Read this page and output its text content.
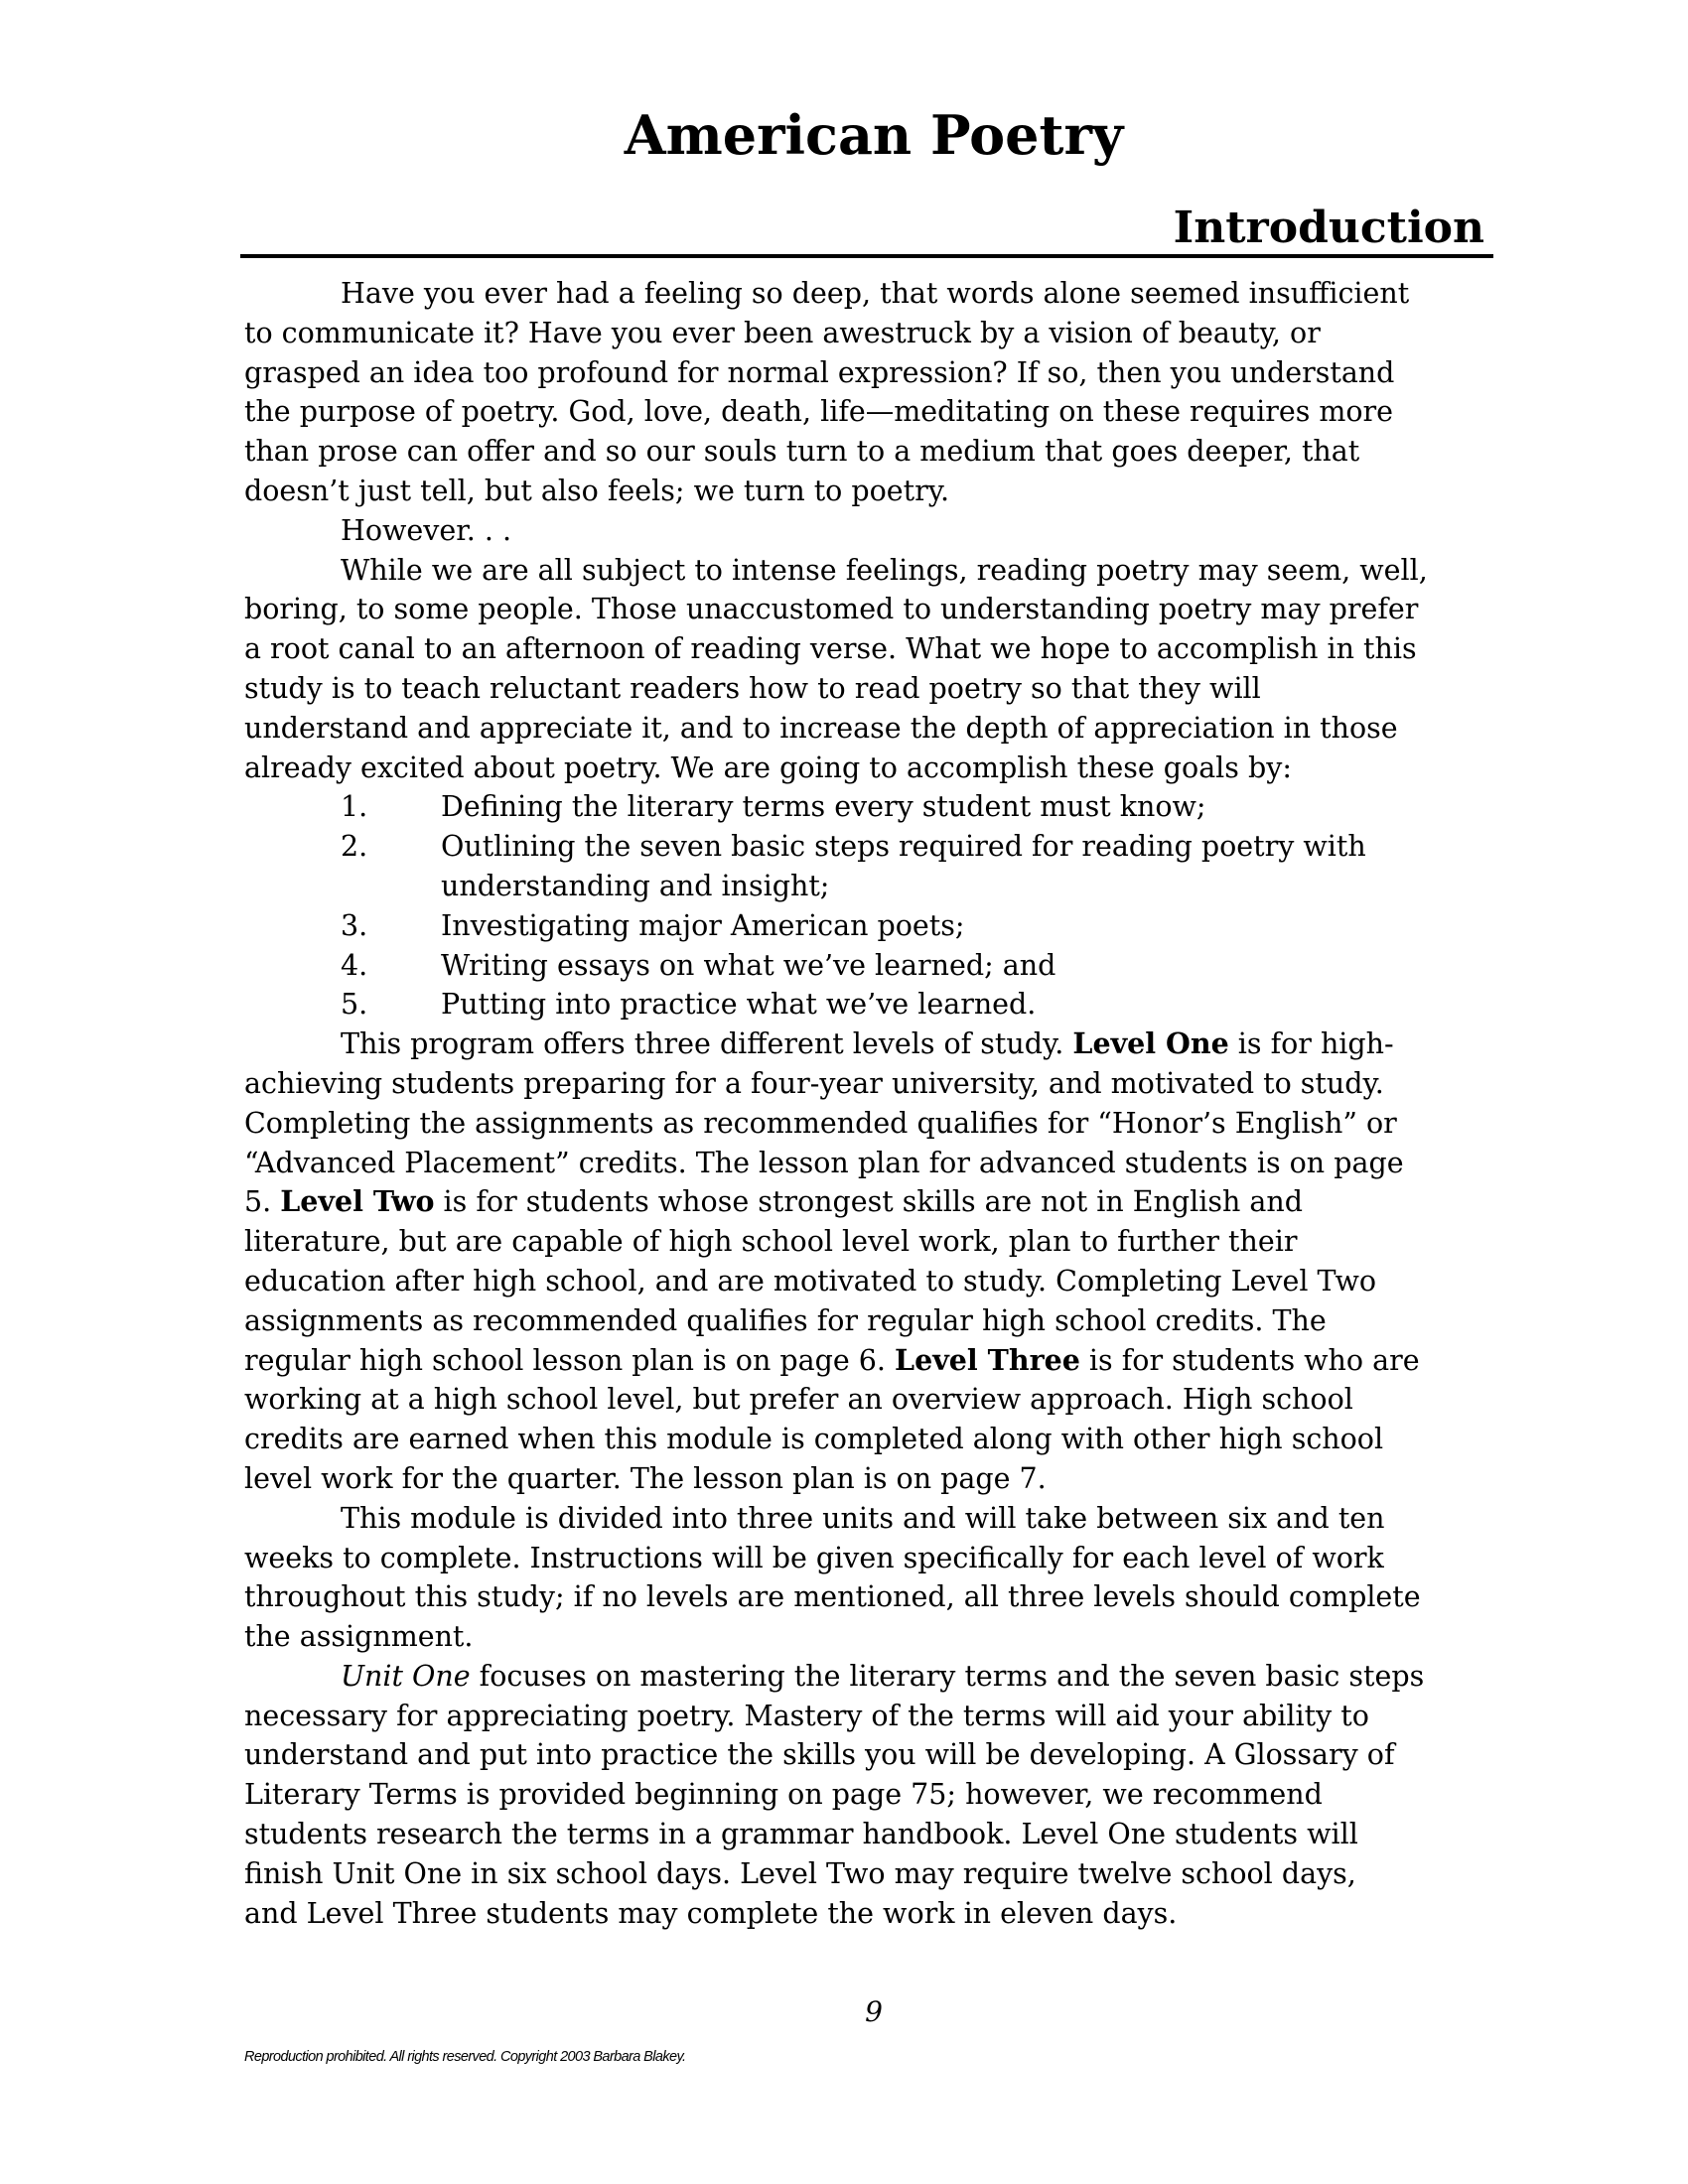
American Poetry
Introduction

Have you ever had a feeling so deep, that words alone seemed insufficient

to communicate it? Have you ever been awestruck by a vision of beauty, or

grasped an idea too profound for normal expression? If so, then you understand

the purpose of poetry. God, love, death, life—meditating on these requires more

than prose can offer and so our souls turn to a medium that goes deeper, that

doesn’t just tell, but also feels; we turn to poetry.

However. . .

While we are all subject to intense feelings, reading poetry may seem, well,

boring, to some people. Those unaccustomed to understanding poetry may prefer

a root canal to an afternoon of reading verse. What we hope to accomplish in this

study is to teach reluctant readers how to read poetry so that they will

understand and appreciate it, and to increase the depth of appreciation in those

already excited about poetry. We are going to accomplish these goals by:

1.	Defining the literary terms every student must know;
2.	Outlining the seven basic steps required for reading poetry with
understanding and insight;
3.	Investigating major American poets;
4.	Writing essays on what we’ve learned; and
5.	Putting into practice what we’ve learned.

This program offers three different levels of study. Level One is for high-

achieving students preparing for a four-year university, and motivated to study.

Completing the assignments as recommended qualifies for “Honor’s English” or

“Advanced Placement” credits. The lesson plan for advanced students is on page

5. Level Two is for students whose strongest skills are not in English and

literature, but are capable of high school level work, plan to further their

education after high school, and are motivated to study. Completing Level Two

assignments as recommended qualifies for regular high school credits. The

regular high school lesson plan is on page 6. Level Three is for students who are

working at a high school level, but prefer an overview approach. High school

credits are earned when this module is completed along with other high school

level work for the quarter. The lesson plan is on page 7.

This module is divided into three units and will take between six and ten

weeks to complete. Instructions will be given specifically for each level of work

throughout this study; if no levels are mentioned, all three levels should complete

the assignment.

Unit One focuses on mastering the literary terms and the seven basic steps

necessary for appreciating poetry. Mastery of the terms will aid your ability to

understand and put into practice the skills you will be developing. A Glossary of

Literary Terms is provided beginning on page 75; however, we recommend

students research the terms in a grammar handbook. Level One students will

finish Unit One in six school days. Level Two may require twelve school days,

and Level Three students may complete the work in eleven days.

9
Reproduction prohibited. All rights reserved. Copyright 2003 Barbara Blakey.
